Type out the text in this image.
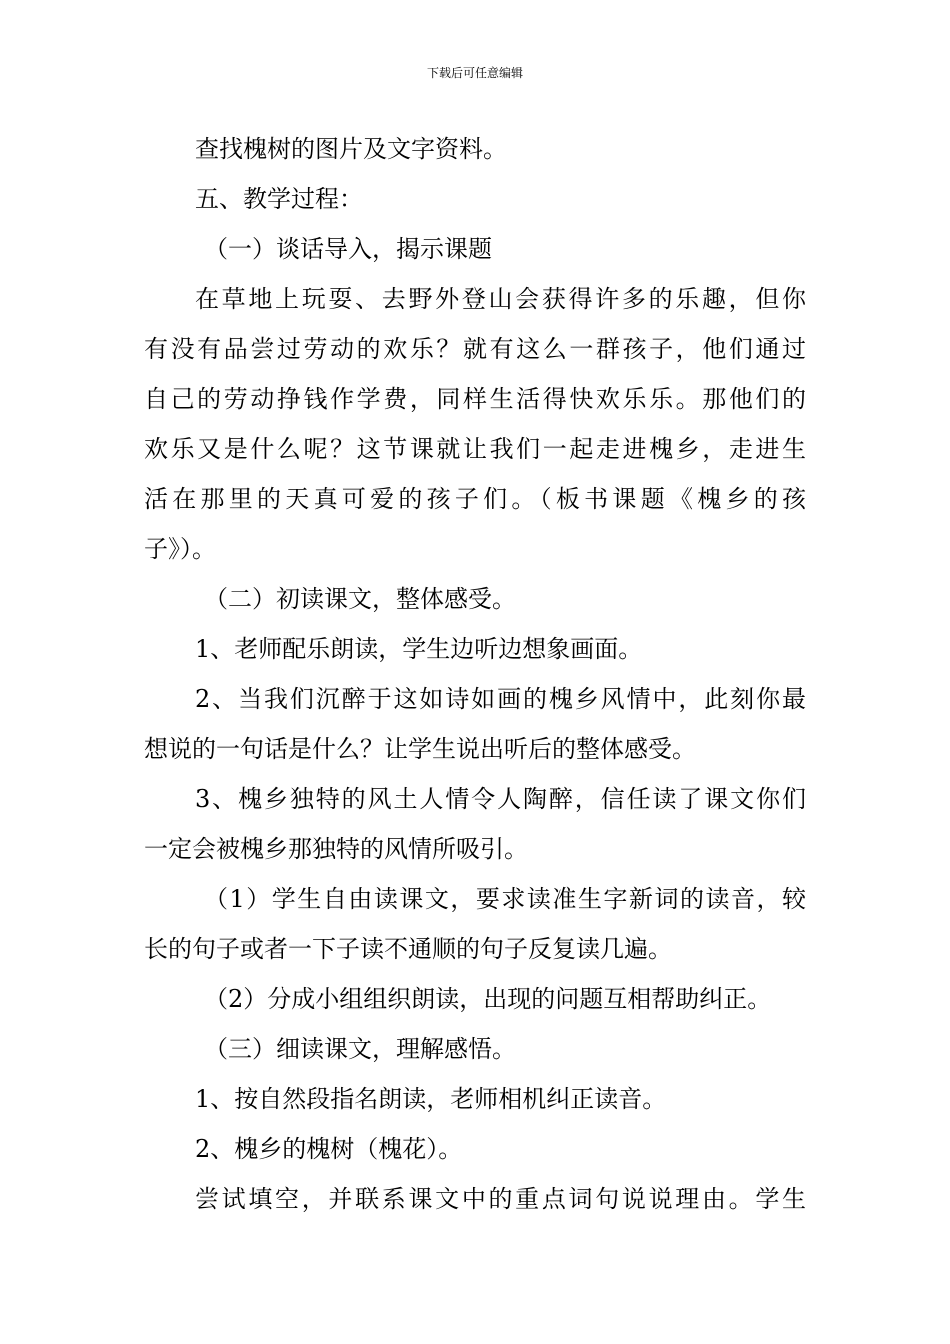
下载后可任意编辑
查找槐树的图片及文字资料。
五、教学过程：
（一）谈话导入，揭示课题
在草地上玩耍、去野外登山会获得许多的乐趣，但你
有没有品尝过劳动的欢乐？就有这么一群孩子，他们通过
自己的劳动挣钱作学费，同样生活得快欢乐乐。那他们的
欢乐又是什么呢？这节课就让我们一起走进槐乡，走进生
活在那里的天真可爱的孩子们。（板书课题《槐乡的孩
子》）。
（二）初读课文，整体感受。
1、老师配乐朗读，学生边听边想象画面。
2、当我们沉醉于这如诗如画的槐乡风情中，此刻你最
想说的一句话是什么？让学生说出听后的整体感受。
3、槐乡独特的风土人情令人陶醉，信任读了课文你们
一定会被槐乡那独特的风情所吸引。
（1）学生自由读课文，要求读准生字新词的读音，较
长的句子或者一下子读不通顺的句子反复读几遍。
（2）分成小组组织朗读，出现的问题互相帮助纠正。
（三）细读课文，理解感悟。
1、按自然段指名朗读，老师相机纠正读音。
2、槐乡的槐树（槐花）。
尝试填空，并联系课文中的重点词句说说理由。学生
